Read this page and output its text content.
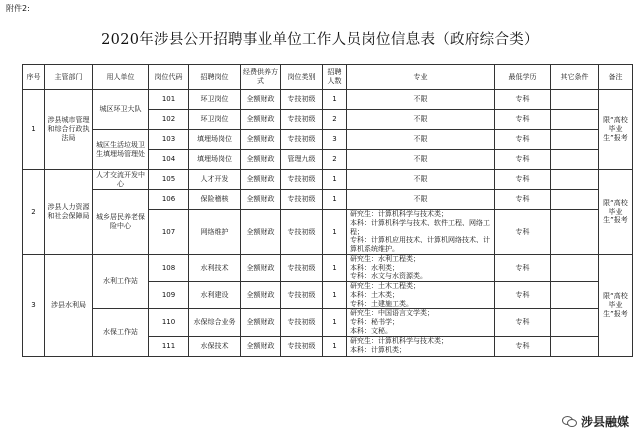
附件2:
2020年涉县公开招聘事业单位工作人员岗位信息表（政府综合类）
序号	主管部门	用人单位	岗位代码	招聘岗位	经费供养方式	岗位类别	招聘人数	专业	最低学历	其它条件	备注
1	涉县城市管理和综合行政执法局	城区环卫大队	101	环卫岗位	全额财政	专技初级	1	不限	专科		限“高校毕业生”报考
			102	环卫岗位	全额财政	专技初级	2	不限	专科		
		城区生活垃圾卫生填埋场管理处	103	填埋场岗位	全额财政	专技初级	3	不限	专科		
			104	填埋场岗位	全额财政	管理九级	2	不限	专科		
2	涉县人力资源和社会保障局	人才交流开发中心	105	人才开发	全额财政	专技初级	1	不限	专科		限“高校毕业生”报考
		城乡居民养老保险中心	106	保险稽核	全额财政	专技初级	1	不限	专科		
			107	网络维护	全额财政	专技初级	1	研究生：计算机科学与技术类；
本科：计算机科学与技术、软件工程、网络工程；
专科：计算机应用技术、计算机网络技术、计算机系统维护。	专科		
3	涉县水利局	水利工作站	108	水利技术	全额财政	专技初级	1	研究生：水利工程类；
本科：水利类；
专科：水文与水资源类。	专科		限“高校毕业生”报考
			109	水利建设	全额财政	专技初级	1	研究生：土木工程类；
本科：土木类；
专科：土建施工类。	专科		
		水保工作站	110	水保综合业务	全额财政	专技初级	1	研究生：中国语言文学类；
专科：秘书学；
本科：文秘。	专科		
			111	水保技术	全额财政	专技初级	1	研究生：计算机科学与技术类；
本科：计算机类；	专科		
涉县融媒
